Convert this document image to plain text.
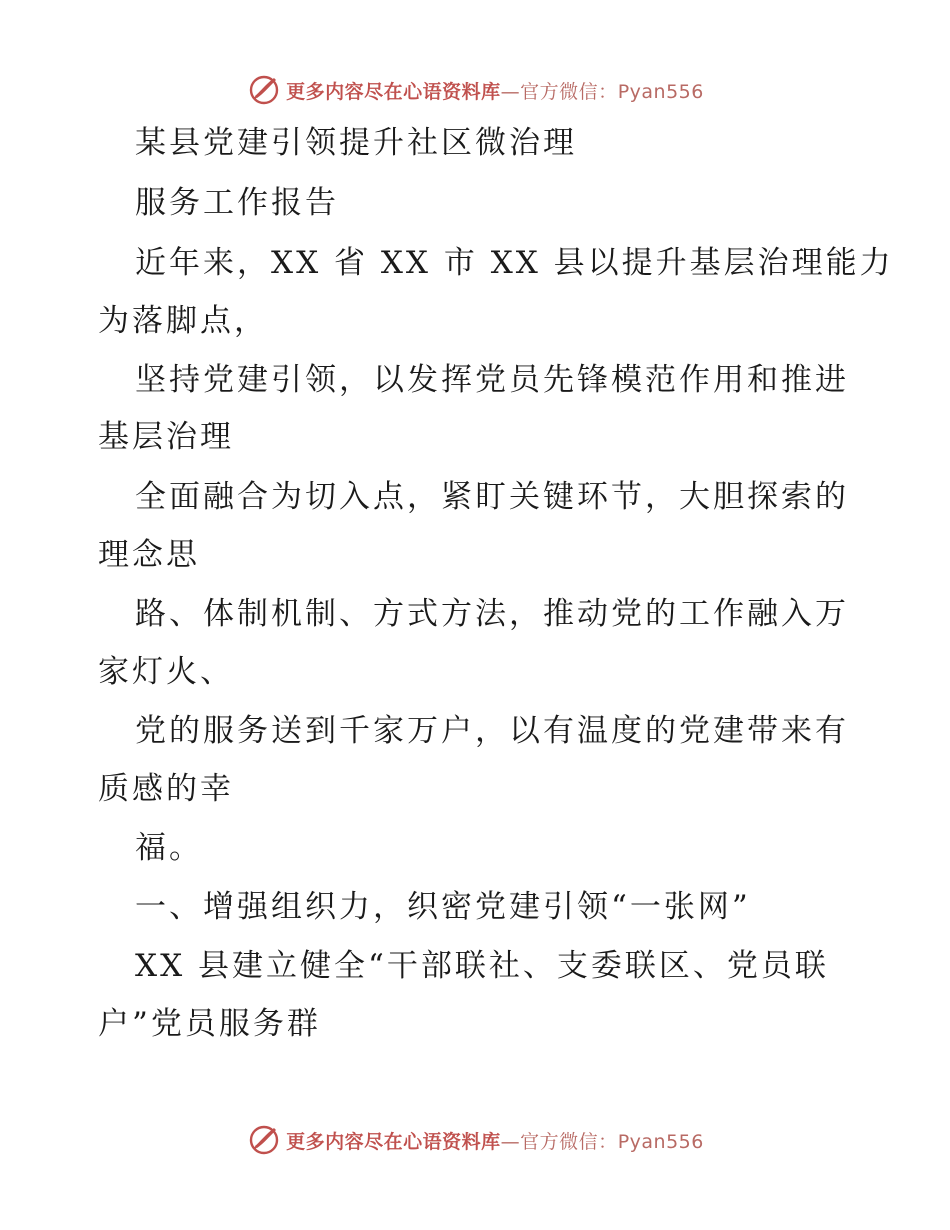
更多内容尽在心语资料库—官方微信：Pyan556
某县党建引领提升社区微治理
服务工作报告
近年来，XX 省 XX 市 XX 县以提升基层治理能力
为落脚点，
坚持党建引领，以发挥党员先锋模范作用和推进
基层治理
全面融合为切入点，紧盯关键环节，大胆探索的
理念思
路、体制机制、方式方法，推动党的工作融入万
家灯火、
党的服务送到千家万户，以有温度的党建带来有
质感的幸
福。
一、增强组织力，织密党建引领“一张网”
XX 县建立健全“干部联社、支委联区、党员联
户”党员服务群
更多内容尽在心语资料库—官方微信：Pyan556
